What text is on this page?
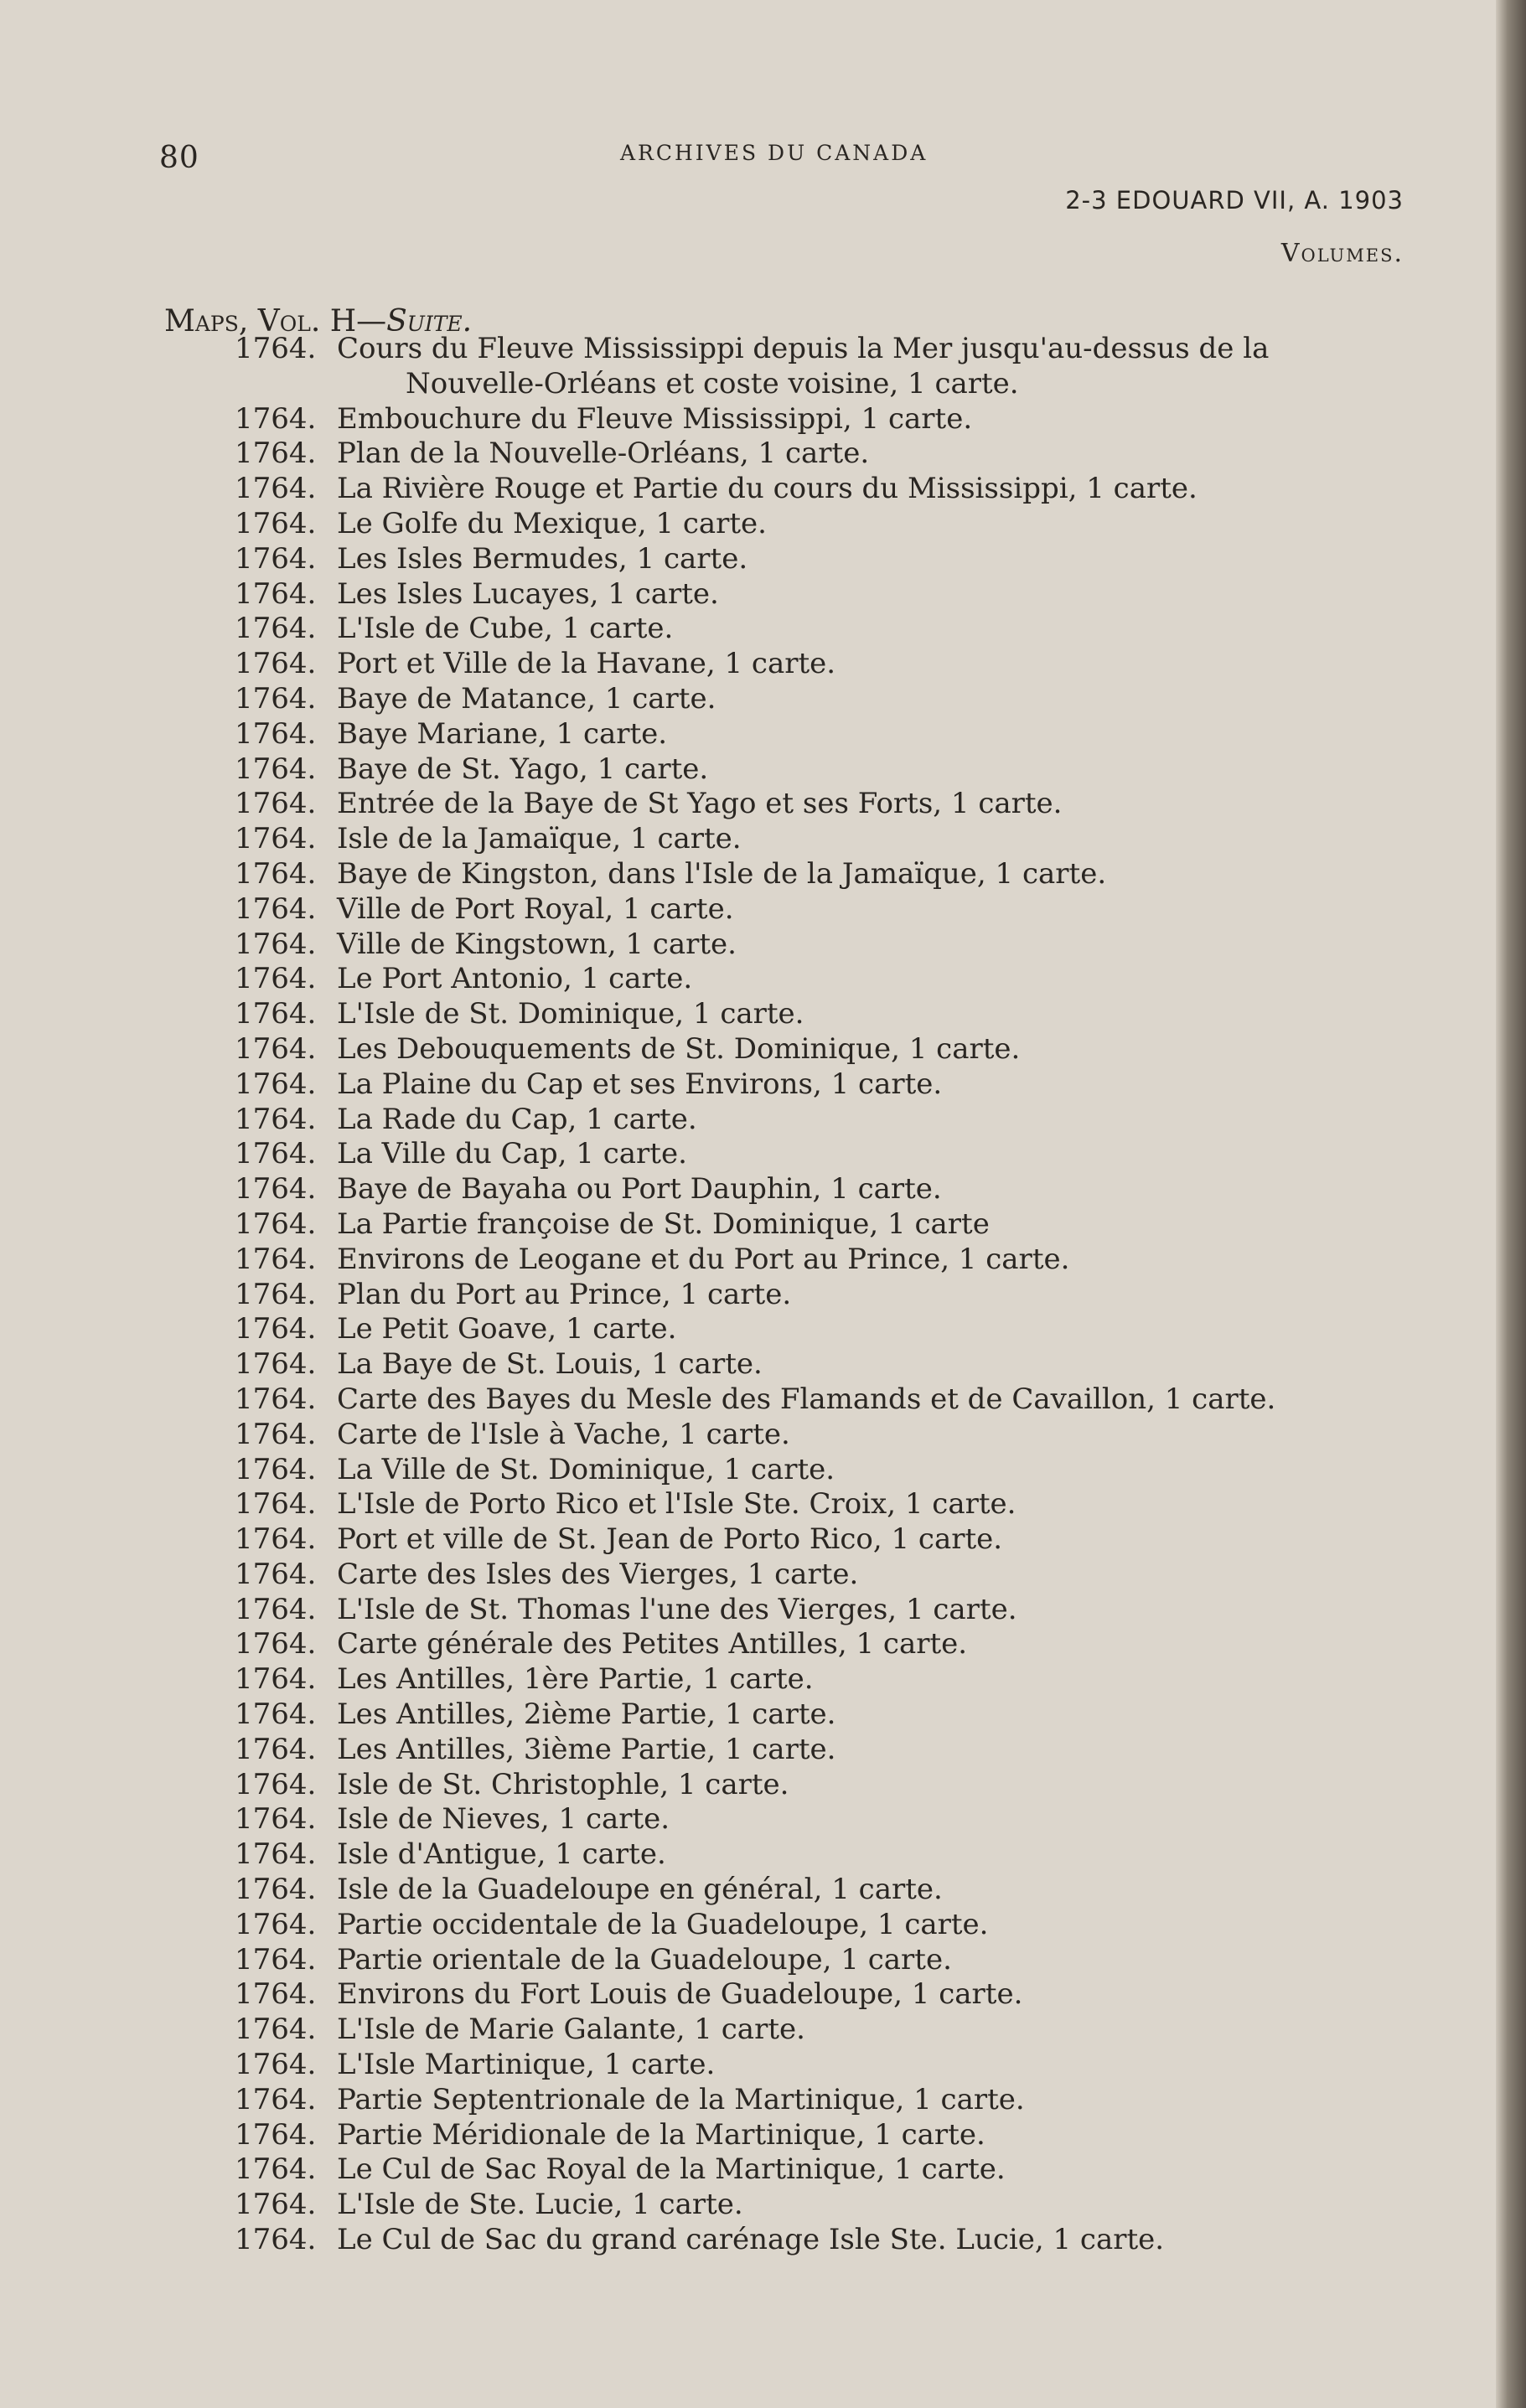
80	ARCHIVES DU CANADA
2-3 EDOUARD VII, A. 1903
Volumes.
Maps, Vol. H—Suite.
1764. Cours du Fleuve Mississippi depuis la Mer jusqu'au-dessus de la
Nouvelle-Orléans et coste voisine, 1 carte.
1764. Embouchure du Fleuve Mississippi, 1 carte.
1764. Plan de la Nouvelle-Orléans, 1 carte.
1764. La Rivière Rouge et Partie du cours du Mississippi, 1 carte.
1764. Le Golfe du Mexique, 1 carte.
1764. Les Isles Bermudes, 1 carte.
1764. Les Isles Lucayes, 1 carte.
1764. L'Isle de Cube, 1 carte.
1764. Port et Ville de la Havane, 1 carte.
1764. Baye de Matance, 1 carte.
1764. Baye Mariane, 1 carte.
1764. Baye de St. Yago, 1 carte.
1764. Entrée de la Baye de St Yago et ses Forts, 1 carte.
1764. Isle de la Jamaïque, 1 carte.
1764. Baye de Kingston, dans l'Isle de la Jamaïque, 1 carte.
1764. Ville de Port Royal, 1 carte.
1764. Ville de Kingstown, 1 carte.
1764. Le Port Antonio, 1 carte.
1764. L'Isle de St. Dominique, 1 carte.
1764. Les Debouquements de St. Dominique, 1 carte.
1764. La Plaine du Cap et ses Environs, 1 carte.
1764. La Rade du Cap, 1 carte.
1764. La Ville du Cap, 1 carte.
1764. Baye de Bayaha ou Port Dauphin, 1 carte.
1764. La Partie françoise de St. Dominique, 1 carte
1764. Environs de Leogane et du Port au Prince, 1 carte.
1764. Plan du Port au Prince, 1 carte.
1764. Le Petit Goave, 1 carte.
1764. La Baye de St. Louis, 1 carte.
1764. Carte des Bayes du Mesle des Flamands et de Cavaillon, 1 carte.
1764. Carte de l'Isle à Vache, 1 carte.
1764. La Ville de St. Dominique, 1 carte.
1764. L'Isle de Porto Rico et l'Isle Ste. Croix, 1 carte.
1764. Port et ville de St. Jean de Porto Rico, 1 carte.
1764. Carte des Isles des Vierges, 1 carte.
1764. L'Isle de St. Thomas l'une des Vierges, 1 carte.
1764. Carte générale des Petites Antilles, 1 carte.
1764. Les Antilles, 1ère Partie, 1 carte.
1764. Les Antilles, 2ième Partie, 1 carte.
1764. Les Antilles, 3ième Partie, 1 carte.
1764. Isle de St. Christophle, 1 carte.
1764. Isle de Nieves, 1 carte.
1764. Isle d'Antigue, 1 carte.
1764. Isle de la Guadeloupe en général, 1 carte.
1764. Partie occidentale de la Guadeloupe, 1 carte.
1764. Partie orientale de la Guadeloupe, 1 carte.
1764. Environs du Fort Louis de Guadeloupe, 1 carte.
1764. L'Isle de Marie Galante, 1 carte.
1764. L'Isle Martinique, 1 carte.
1764. Partie Septentrionale de la Martinique, 1 carte.
1764. Partie Méridionale de la Martinique, 1 carte.
1764. Le Cul de Sac Royal de la Martinique, 1 carte.
1764. L'Isle de Ste. Lucie, 1 carte.
1764. Le Cul de Sac du grand carénage Isle Ste. Lucie, 1 carte.
